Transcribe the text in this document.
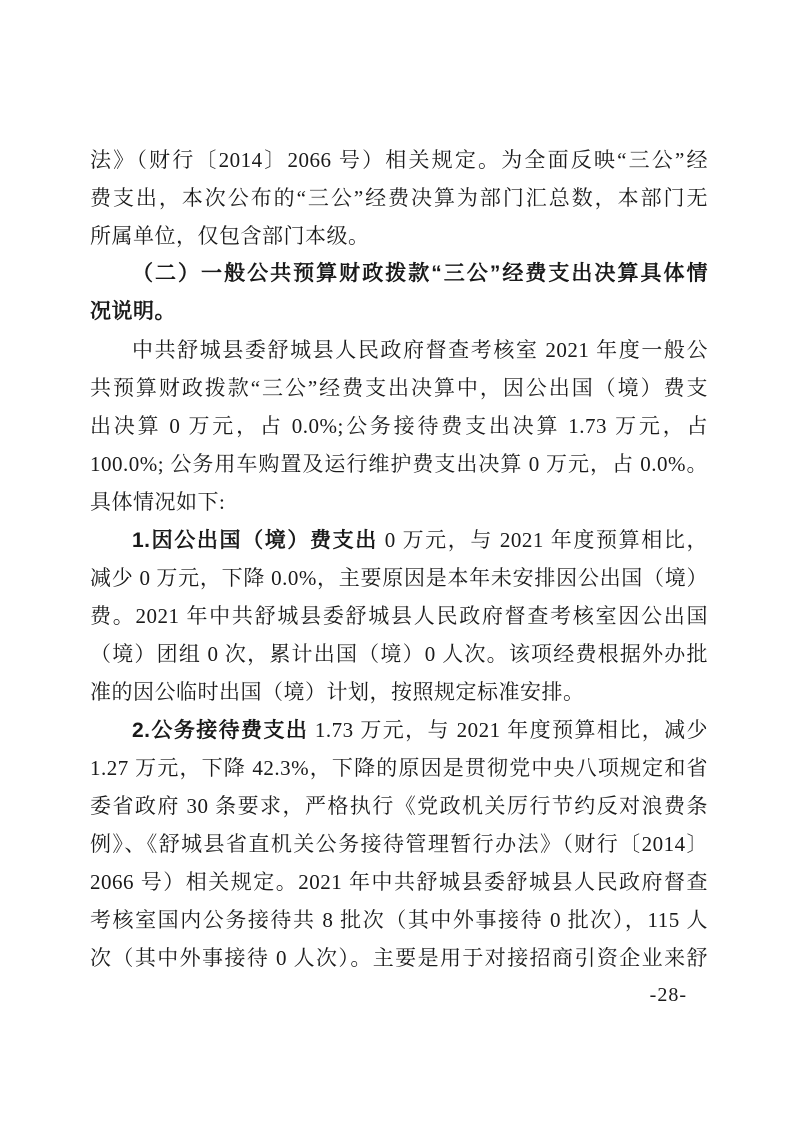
法》（财行〔2014〕2066 号）相关规定。为全面反映“三公”经
费支出，本次公布的“三公”经费决算为部门汇总数，本部门无
所属单位，仅包含部门本级。
（二）一般公共预算财政拨款“三公”经费支出决算具体情
况说明。
中共舒城县委舒城县人民政府督查考核室 2021 年度一般公
共预算财政拨款“三公”经费支出决算中，因公出国（境）费支
出决算 0 万元，占 0.0%;公务接待费支出决算 1.73 万元，占
100.0%; 公务用车购置及运行维护费支出决算 0 万元，占 0.0%。
具体情况如下:
1.因公出国（境）费支出 0 万元，与 2021 年度预算相比，
减少 0 万元，下降 0.0%，主要原因是本年未安排因公出国（境）
费。2021 年中共舒城县委舒城县人民政府督查考核室因公出国
（境）团组 0 次，累计出国（境）0 人次。该项经费根据外办批
准的因公临时出国（境）计划，按照规定标准安排。
2.公务接待费支出 1.73 万元，与 2021 年度预算相比，减少
1.27 万元，下降 42.3%，下降的原因是贯彻党中央八项规定和省
委省政府 30 条要求，严格执行《党政机关厉行节约反对浪费条
例》、《舒城县省直机关公务接待管理暂行办法》（财行〔2014〕
2066 号）相关规定。2021 年中共舒城县委舒城县人民政府督查
考核室国内公务接待共 8 批次（其中外事接待 0 批次），115 人
次（其中外事接待 0 人次）。主要是用于对接招商引资企业来舒
-28-
